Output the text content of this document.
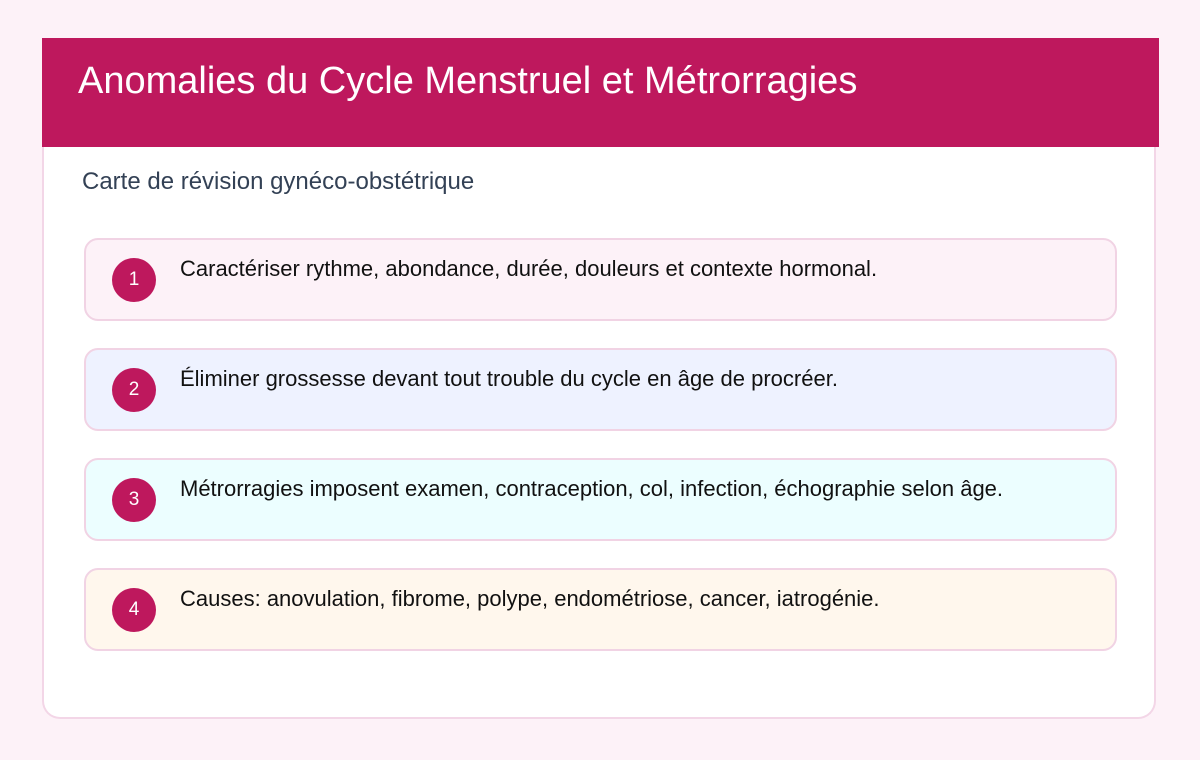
Anomalies du Cycle Menstruel et Métrorragies

Carte de révision gynéco-obstétrique

1	Caractériser rythme, abondance, durée, douleurs et contexte hormonal.

2	Éliminer grossesse devant tout trouble du cycle en âge de procréer.

3	Métrorragies imposent examen, contraception, col, infection, échographie selon âge.

4	Causes: anovulation, fibrome, polype, endométriose, cancer, iatrogénie.
